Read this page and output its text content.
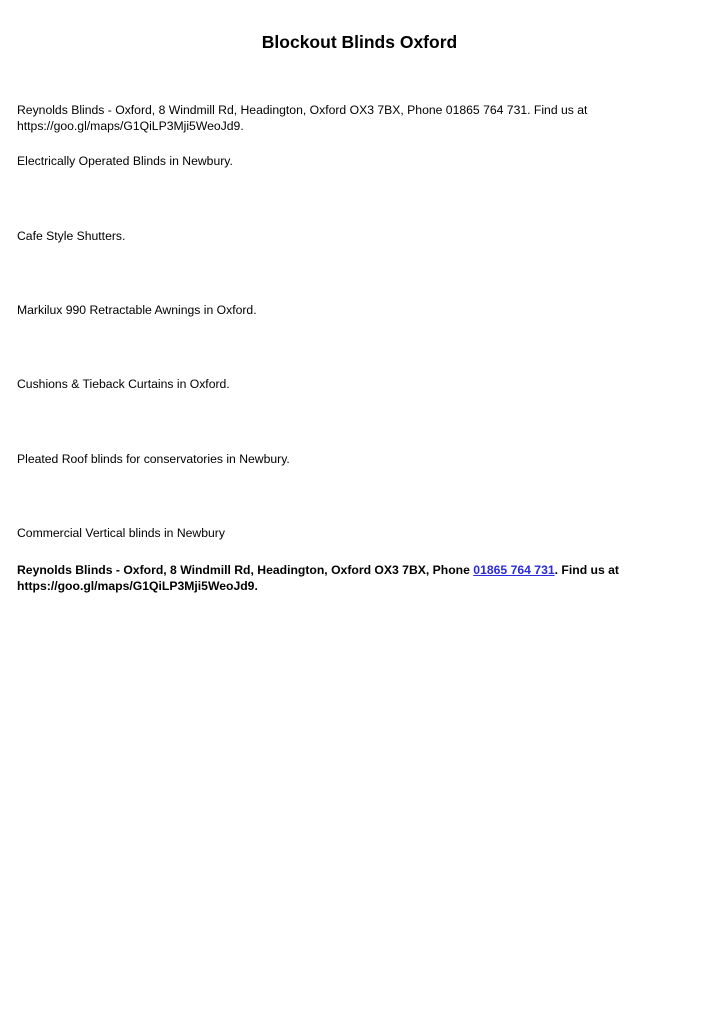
Blockout Blinds Oxford

Reynolds Blinds - Oxford, 8 Windmill Rd, Headington, Oxford OX3 7BX, Phone 01865 764 731. Find us at
https://goo.gl/maps/G1QiLP3Mji5WeoJd9.

Electrically Operated Blinds in Newbury.

Cafe Style Shutters.

Markilux 990 Retractable Awnings in Oxford.

Cushions & Tieback Curtains in Oxford.

Pleated Roof blinds for conservatories in Newbury.

Commercial Vertical blinds in Newbury

Reynolds Blinds - Oxford, 8 Windmill Rd, Headington, Oxford OX3 7BX, Phone 01865 764 731. Find us at
https://goo.gl/maps/G1QiLP3Mji5WeoJd9.
